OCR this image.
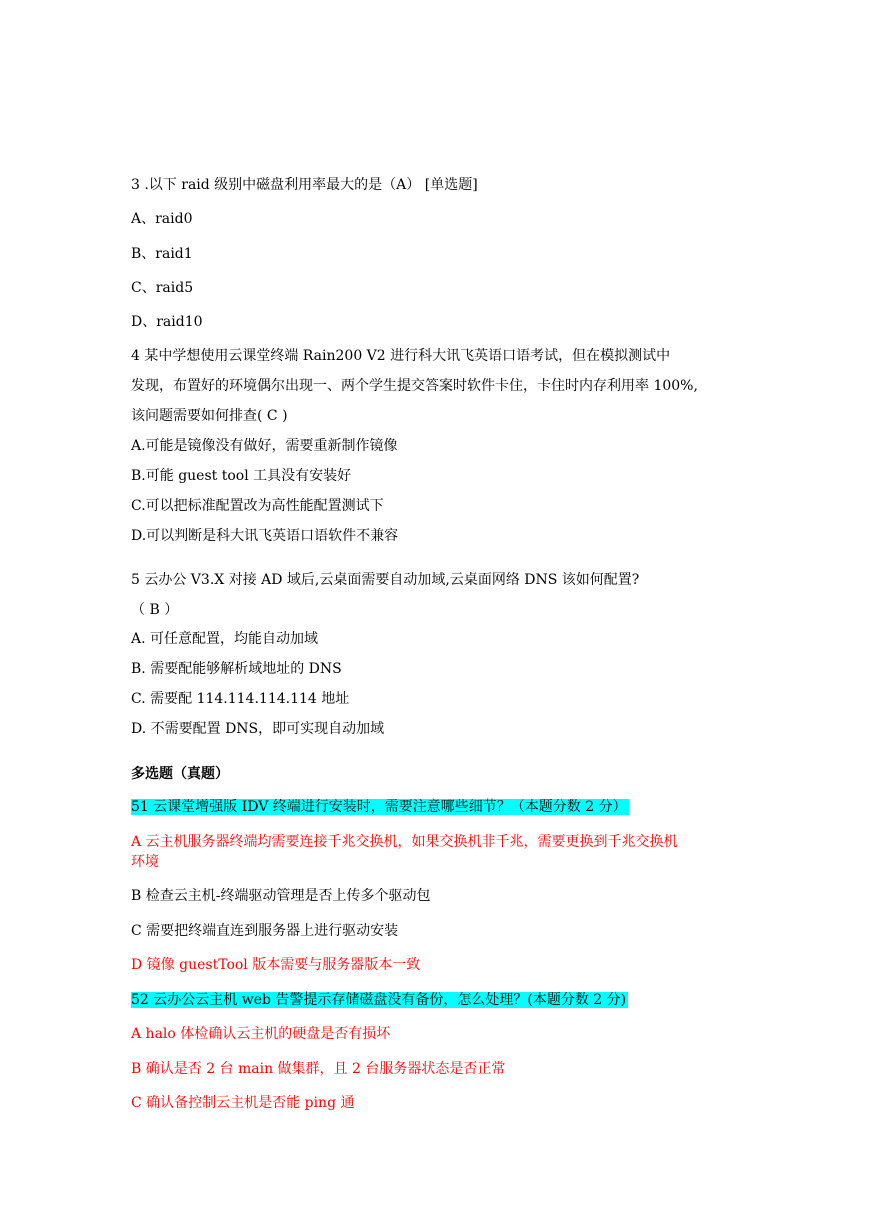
3 .以下 raid 级别中磁盘利用率最大的是（A） [单选题]
A、raid0
B、raid1
C、raid5
D、raid10
4 某中学想使用云课堂终端 Rain200 V2 进行科大讯飞英语口语考试，但在模拟测试中
发现，布置好的环境偶尔出现一、两个学生提交答案时软件卡住，卡住时内存利用率 100%,
该问题需要如何排查( C )
A.可能是镜像没有做好，需要重新制作镜像
B.可能 guest tool 工具没有安装好
C.可以把标准配置改为高性能配置测试下
D.可以判断是科大讯飞英语口语软件不兼容
5 云办公 V3.X 对接 AD 域后,云桌面需要自动加域,云桌面网络 DNS 该如何配置?
（ B ）
A. 可任意配置，均能自动加域
B. 需要配能够解析域地址的 DNS
C. 需要配 114.114.114.114 地址
D. 不需要配置 DNS，即可实现自动加域
多选题（真题）
51 云课堂增强版 IDV 终端进行安装时，需要注意哪些细节？（本题分数 2 分）
A 云主机服务器终端均需要连接千兆交换机，如果交换机非千兆，需要更换到千兆交换机
环境
B 检查云主机-终端驱动管理是否上传多个驱动包
C 需要把终端直连到服务器上进行驱动安装
D 镜像 guestTool 版本需要与服务器版本一致
52 云办公云主机 web 告警提示存储磁盘没有备份，怎么处理？(本题分数 2 分)
A halo 体检确认云主机的硬盘是否有损坏
B 确认是否 2 台 main 做集群，且 2 台服务器状态是否正常
C 确认备控制云主机是否能 ping 通
